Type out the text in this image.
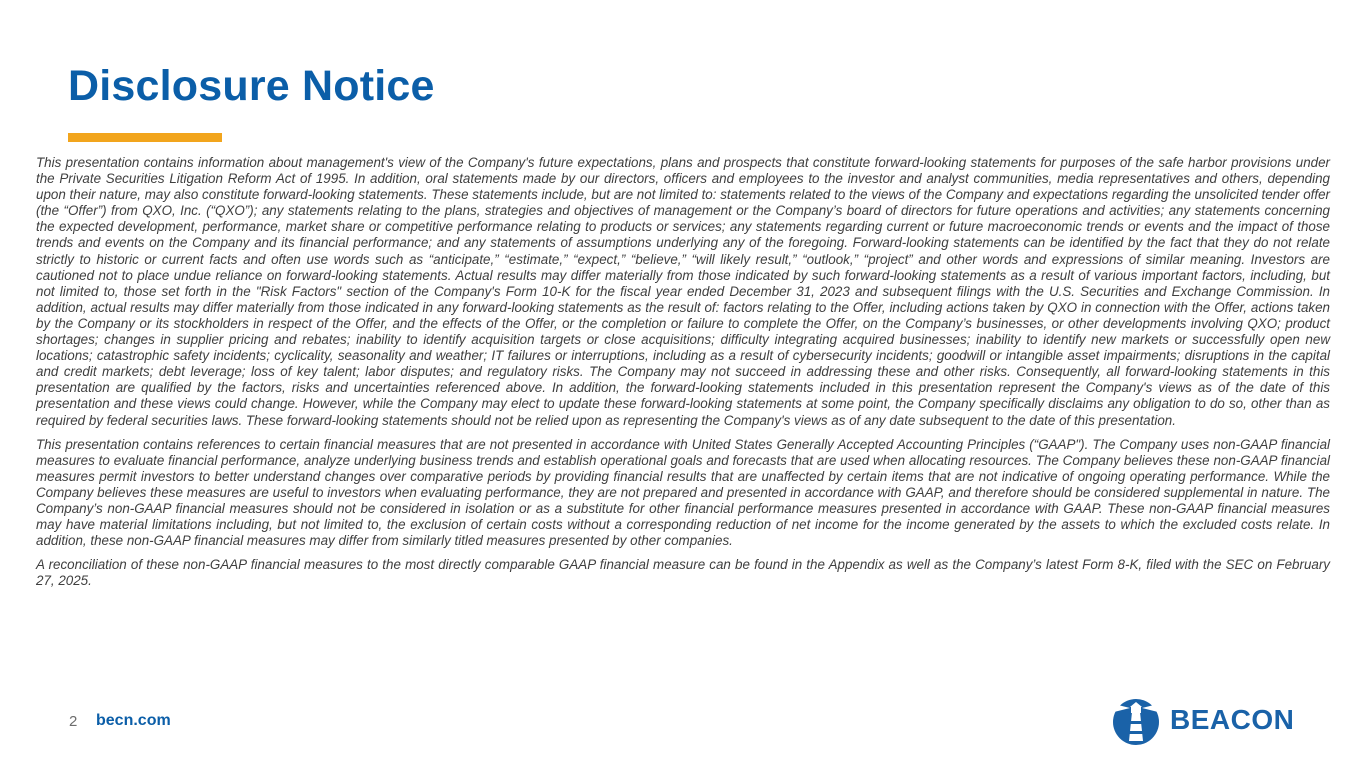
Disclosure Notice

This presentation contains information about management's view of the Company's future expectations, plans and prospects that constitute forward-looking statements for purposes of the safe harbor provisions under the Private Securities Litigation Reform Act of 1995. In addition, oral statements made by our directors, officers and employees to the investor and analyst communities, media representatives and others, depending upon their nature, may also constitute forward-looking statements. These statements include, but are not limited to: statements related to the views of the Company and expectations regarding the unsolicited tender offer (the “Offer”) from QXO, Inc. (“QXO”); any statements relating to the plans, strategies and objectives of management or the Company’s board of directors for future operations and activities; any statements concerning the expected development, performance, market share or competitive performance relating to products or services; any statements regarding current or future macroeconomic trends or events and the impact of those trends and events on the Company and its financial performance; and any statements of assumptions underlying any of the foregoing. Forward-looking statements can be identified by the fact that they do not relate strictly to historic or current facts and often use words such as “anticipate,” “estimate,” “expect,” “believe,” “will likely result,” “outlook,” “project” and other words and expressions of similar meaning. Investors are cautioned not to place undue reliance on forward-looking statements. Actual results may differ materially from those indicated by such forward-looking statements as a result of various important factors, including, but not limited to, those set forth in the "Risk Factors" section of the Company's Form 10-K for the fiscal year ended December 31, 2023 and subsequent filings with the U.S. Securities and Exchange Commission. In addition, actual results may differ materially from those indicated in any forward-looking statements as the result of: factors relating to the Offer, including actions taken by QXO in connection with the Offer, actions taken by the Company or its stockholders in respect of the Offer, and the effects of the Offer, or the completion or failure to complete the Offer, on the Company’s businesses, or other developments involving QXO; product shortages; changes in supplier pricing and rebates; inability to identify acquisition targets or close acquisitions; difficulty integrating acquired businesses; inability to identify new markets or successfully open new locations; catastrophic safety incidents; cyclicality, seasonality and weather; IT failures or interruptions, including as a result of cybersecurity incidents; goodwill or intangible asset impairments; disruptions in the capital and credit markets; debt leverage; loss of key talent; labor disputes; and regulatory risks. The Company may not succeed in addressing these and other risks. Consequently, all forward-looking statements in this presentation are qualified by the factors, risks and uncertainties referenced above. In addition, the forward-looking statements included in this presentation represent the Company's views as of the date of this presentation and these views could change. However, while the Company may elect to update these forward-looking statements at some point, the Company specifically disclaims any obligation to do so, other than as required by federal securities laws. These forward-looking statements should not be relied upon as representing the Company's views as of any date subsequent to the date of this presentation.

This presentation contains references to certain financial measures that are not presented in accordance with United States Generally Accepted Accounting Principles (“GAAP"). The Company uses non-GAAP financial measures to evaluate financial performance, analyze underlying business trends and establish operational goals and forecasts that are used when allocating resources. The Company believes these non-GAAP financial measures permit investors to better understand changes over comparative periods by providing financial results that are unaffected by certain items that are not indicative of ongoing operating performance. While the Company believes these measures are useful to investors when evaluating performance, they are not prepared and presented in accordance with GAAP, and therefore should be considered supplemental in nature. The Company’s non-GAAP financial measures should not be considered in isolation or as a substitute for other financial performance measures presented in accordance with GAAP. These non-GAAP financial measures may have material limitations including, but not limited to, the exclusion of certain costs without a corresponding reduction of net income for the income generated by the assets to which the excluded costs relate. In addition, these non-GAAP financial measures may differ from similarly titled measures presented by other companies.

A reconciliation of these non-GAAP financial measures to the most directly comparable GAAP financial measure can be found in the Appendix as well as the Company’s latest Form 8-K, filed with the SEC on February 27, 2025.

2 becn.com	BEACON
